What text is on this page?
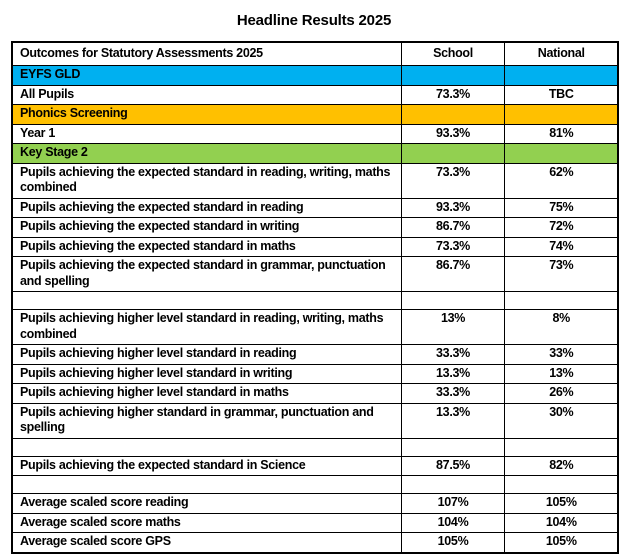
Headline Results 2025
Outcomes for Statutory Assessments 2025	School	National
EYFS GLD		
All Pupils	73.3%	TBC
Phonics Screening		
Year 1	93.3%	81%
Key Stage 2		
Pupils achieving the expected standard in reading, writing, maths combined	73.3%	62%
Pupils achieving the expected standard in reading	93.3%	75%
Pupils achieving the expected standard in writing	86.7%	72%
Pupils achieving the expected standard in maths	73.3%	74%
Pupils achieving the expected standard in grammar, punctuation and spelling	86.7%	73%

Pupils achieving higher level standard in reading, writing, maths combined	13%	8%
Pupils achieving higher level standard in reading	33.3%	33%
Pupils achieving higher level standard in writing	13.3%	13%
Pupils achieving higher level standard in maths	33.3%	26%
Pupils achieving higher standard in grammar, punctuation and spelling	13.3%	30%

Pupils achieving the expected standard in Science	87.5%	82%

Average scaled score reading	107%	105%
Average scaled score maths	104%	104%
Average scaled score GPS	105%	105%
